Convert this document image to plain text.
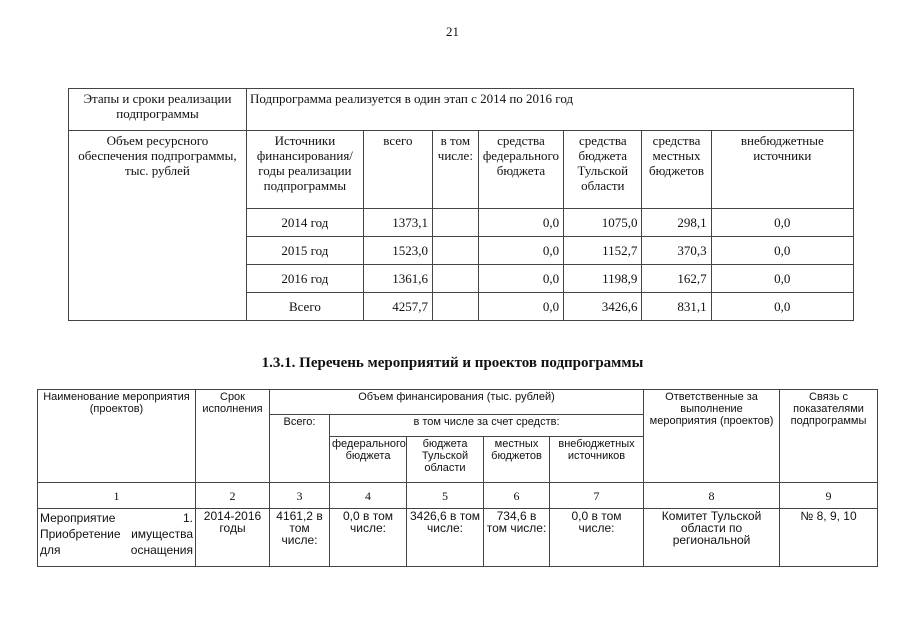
21
Этапы и сроки реализации подпрограммы	Подпрограмма реализуется в один этап с 2014 по 2016 год						
Объем ресурсного обеспечения подпрограммы, тыс. рублей	Источники финансирования/ годы реализации подпрограммы	всего	в том числе:	средства федерального бюджета	средства бюджета Тульской области	средства местных бюджетов	внебюджетные источники
	2014 год	1373,1		0,0	1075,0	298,1	0,0
	2015 год	1523,0		0,0	1152,7	370,3	0,0
	2016 год	1361,6		0,0	1198,9	162,7	0,0
	Всего	4257,7		0,0	3426,6	831,1	0,0
1.3.1. Перечень мероприятий и проектов подпрограммы
Наименование мероприятия (проектов)	Срок исполнения	Объем финансирования (тыс. рублей)					Ответственные за выполнение мероприятия (проектов)	Связь с показателями подпрограммы
		Всего:	в том числе за счет средств:					
			федерального бюджета	бюджета Тульской области	местных бюджетов	внебюджетных источников		
1	2	3	4	5	6	7	8	9
Мероприятие 1. Приобретение имущества для оснащения	2014-2016 годы	4161,2 в том числе:	0,0 в том числе:	3426,6 в том числе:	734,6 в том числе:	0,0 в том числе:	Комитет Тульской области по региональной	№ 8, 9, 10
